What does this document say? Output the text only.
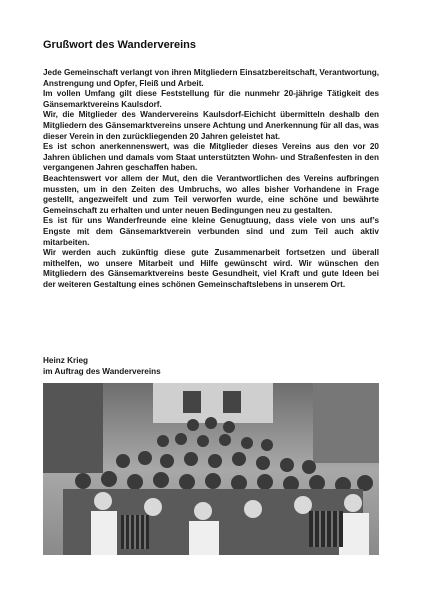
Grußwort des Wandervereins

Jede Gemeinschaft verlangt von ihren Mitgliedern Einsatzbereitschaft, Verantwortung, Anstrengung und Opfer, Fleiß und Arbeit.

Im vollen Umfang gilt diese Feststellung für die nunmehr 20-jährige Tätigkeit des Gänsemarktvereins Kaulsdorf.

Wir, die Mitglieder des Wandervereins Kaulsdorf-Eichicht übermitteln deshalb den Mitgliedern des Gänsemarktvereins unsere Achtung und Anerkennung für all das, was dieser Verein in den zurückliegenden 20 Jahren geleistet hat.

Es ist schon anerkennenswert, was die Mitglieder dieses Vereins aus den vor 20 Jahren üblichen und damals vom Staat unterstützten Wohn- und Straßenfesten in den vergangenen Jahren geschaffen haben.

Beachtenswert vor allem der Mut, den die Verantwortlichen des Vereins aufbringen mussten, um in den Zeiten des Umbruchs, wo alles bisher Vorhandene in Frage gestellt, angezweifelt und zum Teil verworfen wurde, eine schöne und bewährte Gemeinschaft zu erhalten und unter neuen Bedingungen neu zu gestalten.

Es ist für uns Wanderfreunde eine kleine Genugtuung, dass viele von uns auf’s Engste mit dem Gänsemarktverein verbunden sind und zum Teil auch aktiv mitarbeiten.

Wir werden auch zukünftig diese gute Zusammenarbeit fortsetzen und überall mithelfen, wo unsere Mitarbeit und Hilfe gewünscht wird. Wir wünschen den Mitgliedern des Gänsemarktvereins beste Gesundheit, viel Kraft und gute Ideen bei der weiteren Gestaltung eines schönen Gemeinschaftslebens in unserem Ort.

Heinz Krieg
im Auftrag des Wandervereins
